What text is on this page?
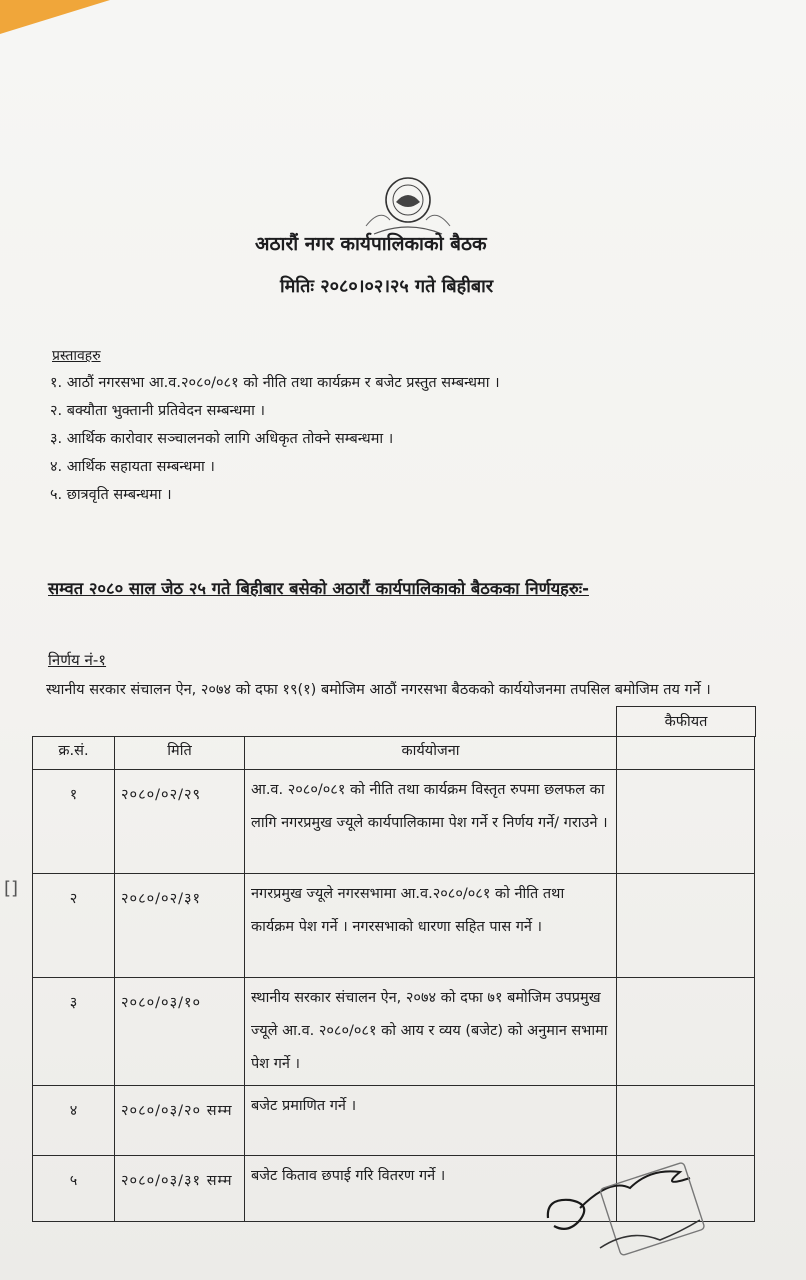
अठारौं नगर कार्यपालिकाको बैठक
मितिः २०८०।०२।२५ गते बिहीबार
प्रस्तावहरु
१. आठौं नगरसभा आ.व.२०८०/०८१ को नीति तथा कार्यक्रम र बजेट प्रस्तुत सम्बन्धमा ।
२. बक्यौता भुक्तानी प्रतिवेदन सम्बन्धमा ।
३. आर्थिक कारोवार सञ्चालनको लागि अधिकृत तोक्ने सम्बन्धमा ।
४. आर्थिक सहायता सम्बन्धमा ।
५. छात्रवृति सम्बन्धमा ।
सम्वत २०८० साल जेठ २५ गते बिहीबार बसेको अठारौं कार्यपालिकाको बैठकका निर्णयहरुः-
निर्णय नं-१
स्थानीय सरकार संचालन ऐन, २०७४ को दफा १९(१) बमोजिम आठौं नगरसभा बैठकको कार्ययोजनमा तपसिल बमोजिम तय गर्ने ।
कैफीयत
क्र.सं.	मिति	कार्ययोजना	
१	२०८०/०२/२९	आ.व. २०८०/०८१ को नीति तथा कार्यक्रम विस्तृत रुपमा छलफल का लागि नगरप्रमुख ज्यूले कार्यपालिकामा पेश गर्ने र निर्णय गर्ने/ गराउने ।	
२	२०८०/०२/३१	नगरप्रमुख ज्यूले नगरसभामा आ.व.२०८०/०८१ को नीति तथा कार्यक्रम पेश गर्ने । नगरसभाको धारणा सहित पास गर्ने ।	
३	२०८०/०३/१०	स्थानीय सरकार संचालन ऐन, २०७४ को दफा ७१ बमोजिम उपप्रमुख ज्यूले आ.व. २०८०/०८१ को आय र व्यय (बजेट) को अनुमान सभामा पेश गर्ने ।	
४	२०८०/०३/२० सम्म	बजेट प्रमाणित गर्ने ।	
५	२०८०/०३/३१ सम्म	बजेट किताव छपाई गरि वितरण गर्ने ।	
[]
